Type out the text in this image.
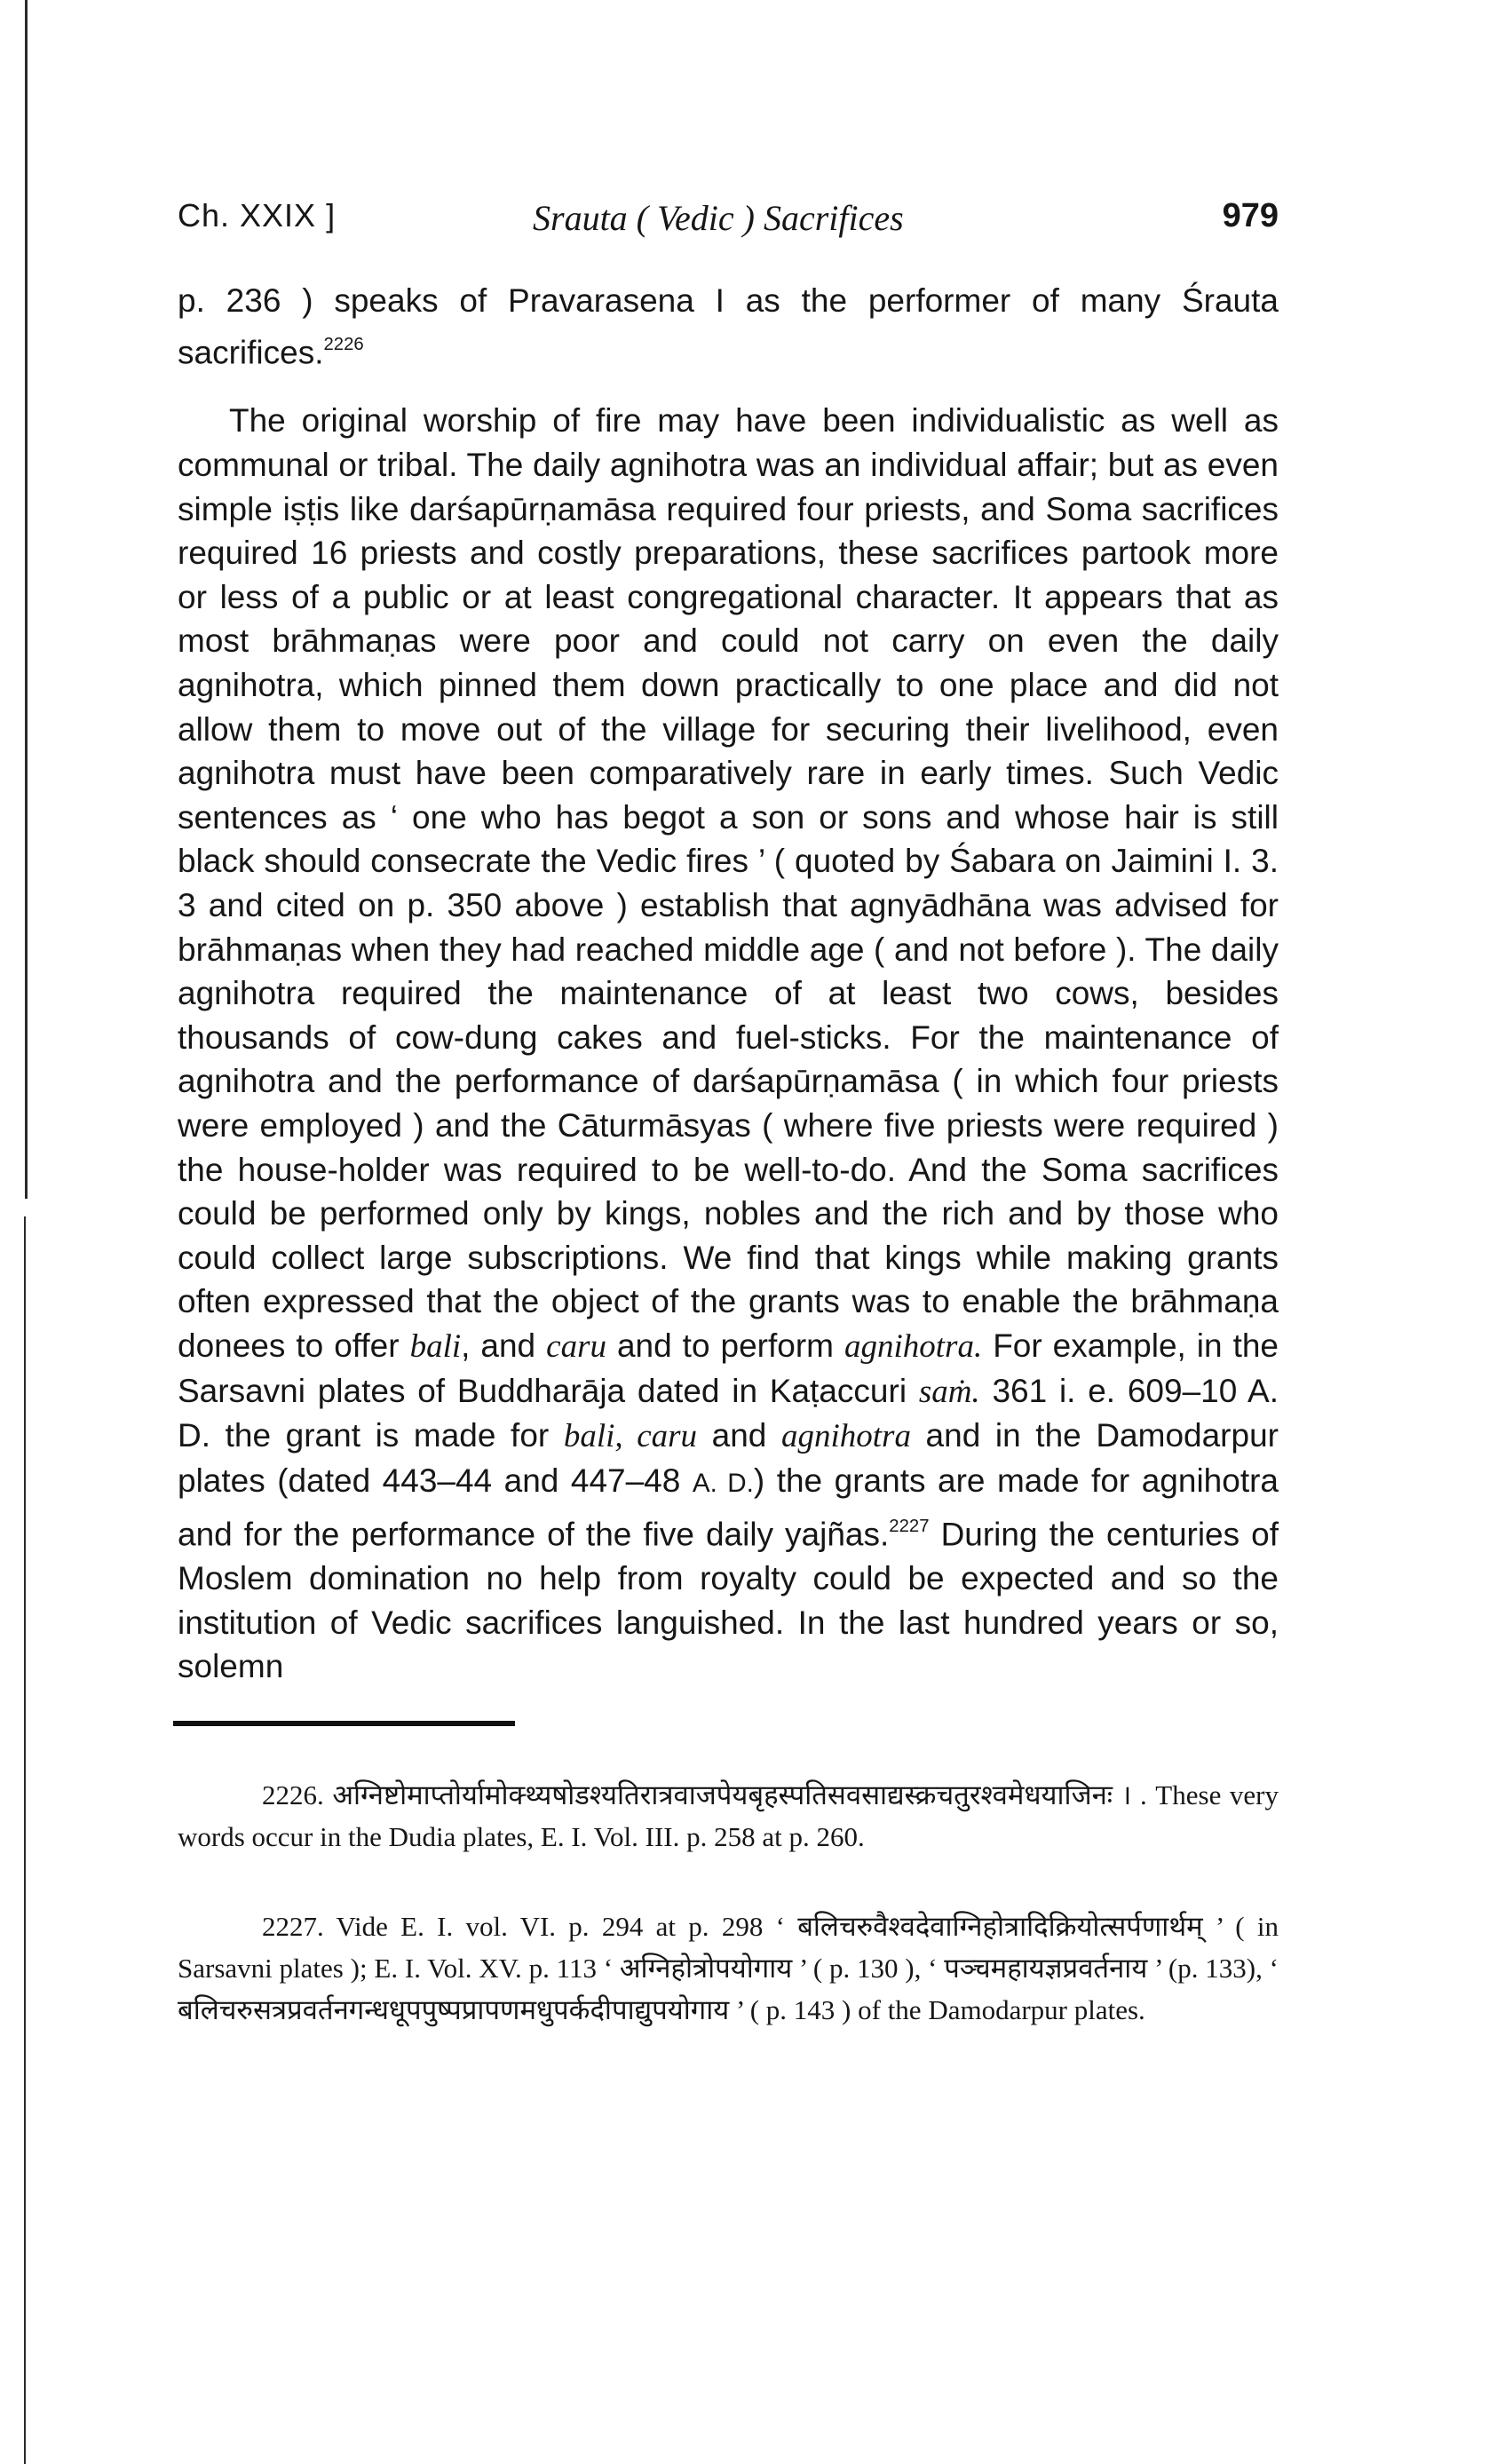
Ch. XXIX ]	Srauta ( Vedic ) Sacrifices	979

p. 236 ) speaks of Pravarasena I as the performer of many Śrauta sacrifices.$^{2226}$

The original worship of fire may have been individualistic as well as communal or tribal. The daily agnihotra was an individual affair; but as even simple iṣṭis like darśapūrṇamāsa required four priests, and Soma sacrifices required 16 priests and costly preparations, these sacrifices partook more or less of a public or at least congregational character. It appears that as most brāhmaṇas were poor and could not carry on even the daily agnihotra, which pinned them down practically to one place and did not allow them to move out of the village for securing their livelihood, even agnihotra must have been comparatively rare in early times. Such Vedic sentences as ‘ one who has begot a son or sons and whose hair is still black should consecrate the Vedic fires ’ ( quoted by Śabara on Jaimini I. 3. 3 and cited on p. 350 above ) establish that agnyādhāna was advised for brāhmaṇas when they had reached middle age ( and not before ). The daily agnihotra required the maintenance of at least two cows, besides thousands of cow-dung cakes and fuel-sticks. For the maintenance of agnihotra and the performance of darśapūrṇamāsa ( in which four priests were employed ) and the Cāturmāsyas ( where five priests were required ) the house-holder was required to be well-to-do. And the Soma sacrifices could be performed only by kings, nobles and the rich and by those who could collect large subscriptions. We find that kings while making grants often expressed that the object of the grants was to enable the brāhmaṇa donees to offer bali, and caru and to perform agnihotra. For example, in the Sarsavni plates of Buddharāja dated in Kaṭaccuri saṁ. 361 i. e. 609–10 A. D. the grant is made for bali, caru and agnihotra and in the Damodarpur plates (dated 443–44 and 447–48 A. D.) the grants are made for agnihotra and for the performance of the five daily yajñas.$^{2227}$ During the centuries of Moslem domination no help from royalty could be expected and so the institution of Vedic sacrifices languished. In the last hundred years or so, solemn

2226. अग्निष्टोमाप्तोर्यामोक्थ्यषोडश्यतिरात्रवाजपेयबृहस्पतिसवसाद्यस्क्रचतुरश्वमेधयाजिनः । . These very words occur in the Dudia plates, E. I. Vol. III. p. 258 at p. 260.

2227. Vide E. I. vol. VI. p. 294 at p. 298 ‘ बलिचरुवैश्वदेवाग्निहोत्रादिक्रियोत्सर्पणार्थम् ’ ( in Sarsavni plates ); E. I. Vol. XV. p. 113 ‘ अग्निहोत्रोपयोगाय ’ ( p. 130 ), ‘ पञ्चमहायज्ञप्रवर्तनाय ’ (p. 133), ‘ बलिचरुसत्रप्रवर्तनगन्धधूपपुष्पप्रापणमधुपर्कदीपाद्युपयोगाय ’ ( p. 143 ) of the Damodarpur plates.
